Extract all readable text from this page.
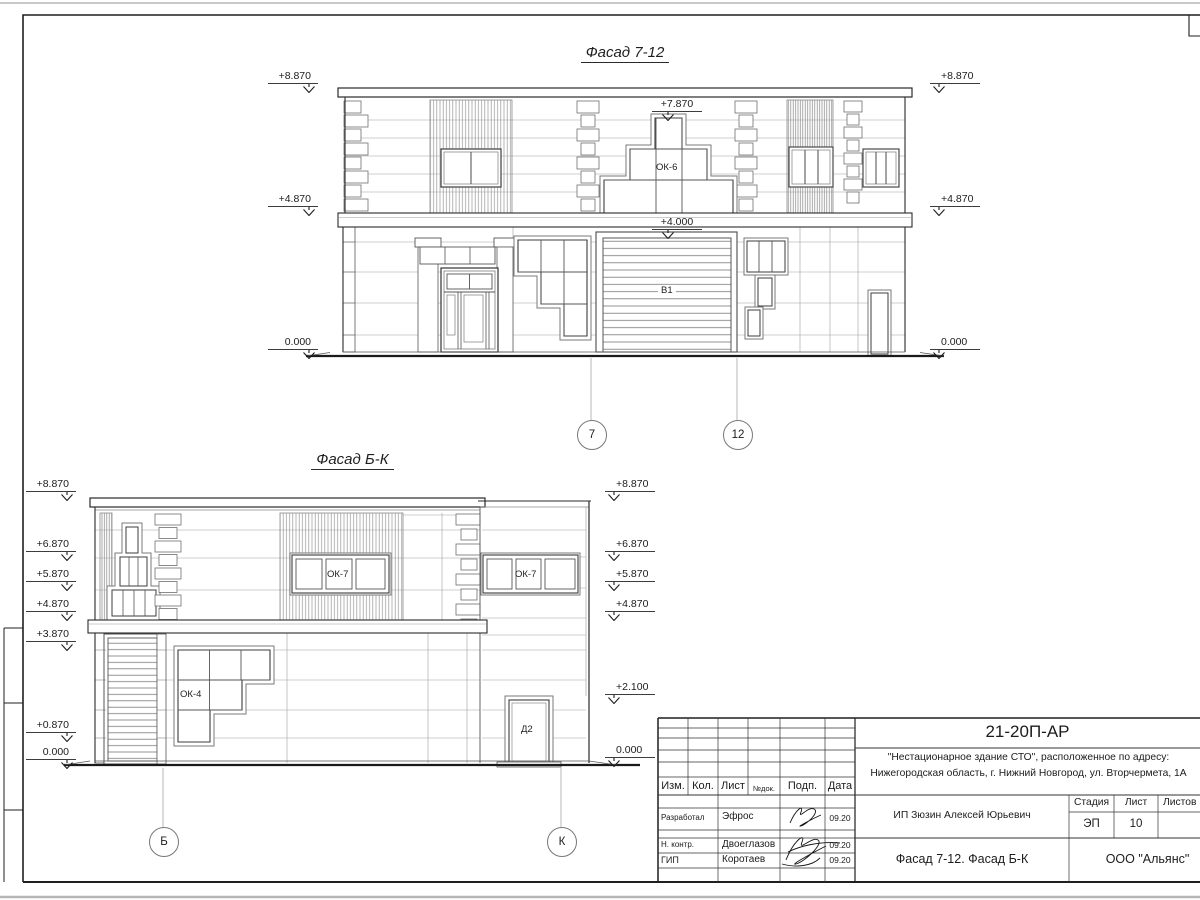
Фасад 7-12
Фасад Б-К
+8.870
+4.870
0.000
+8.870
+4.870
0.000
+7.870
+4.000
+8.870
+6.870
+5.870
+4.870
+3.870
+0.870
0.000
+8.870
+6.870
+5.870
+4.870
+2.100
0.000
ОК-6
В1
ОК-7	ОК-7
ОК-4
Д2
7	12
Б	К
21-20П-АР
"Нестационарное здание СТО", расположенное по адресу:
Нижегородская область, г. Нижний Новгород, ул. Вторчермета, 1А
Изм. Кол. Лист	№док.	Подп. Дата
Разработал	Эфрос	09.20
Н. контр.	Двоеглазов	09.20
ГИП	Коротаев	09.20
ИП Зюзин Алексей Юрьевич
Стадия	Лист	Листов
ЭП	10
Фасад 7-12. Фасад Б-К	ООО "Альянс"
